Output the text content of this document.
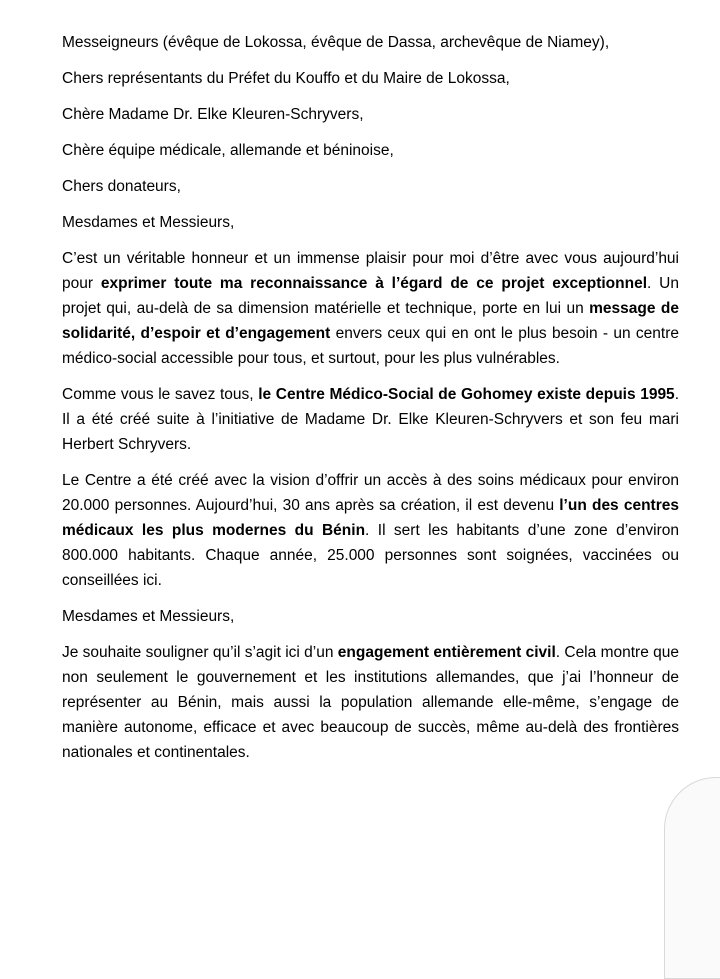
Messeigneurs (évêque de Lokossa, évêque de Dassa, archevêque de Niamey),

Chers représentants du Préfet du Kouffo et du Maire de Lokossa,

Chère Madame Dr. Elke Kleuren-Schryvers,

Chère équipe médicale, allemande et béninoise,

Chers donateurs,

Mesdames et Messieurs,

C’est un véritable honneur et un immense plaisir pour moi d’être avec vous aujourd’hui pour exprimer toute ma reconnaissance à l’égard de ce projet exceptionnel. Un projet qui, au-delà de sa dimension matérielle et technique, porte en lui un message de solidarité, d’espoir et d’engagement envers ceux qui en ont le plus besoin - un centre médico-social accessible pour tous, et surtout, pour les plus vulnérables.

Comme vous le savez tous, le Centre Médico-Social de Gohomey existe depuis 1995. Il a été créé suite à l’initiative de Madame Dr. Elke Kleuren-Schryvers et son feu mari Herbert Schryvers.

Le Centre a été créé avec la vision d’offrir un accès à des soins médicaux pour environ 20.000 personnes. Aujourd’hui, 30 ans après sa création, il est devenu l’un des centres médicaux les plus modernes du Bénin. Il sert les habitants d’une zone d’environ 800.000 habitants. Chaque année, 25.000 personnes sont soignées, vaccinées ou conseillées ici.

Mesdames et Messieurs,

Je souhaite souligner qu’il s’agit ici d’un engagement entièrement civil. Cela montre que non seulement le gouvernement et les institutions allemandes, que j’ai l’honneur de représenter au Bénin, mais aussi la population allemande elle-même, s’engage de manière autonome, efficace et avec beaucoup de succès, même au-delà des frontières nationales et continentales.
